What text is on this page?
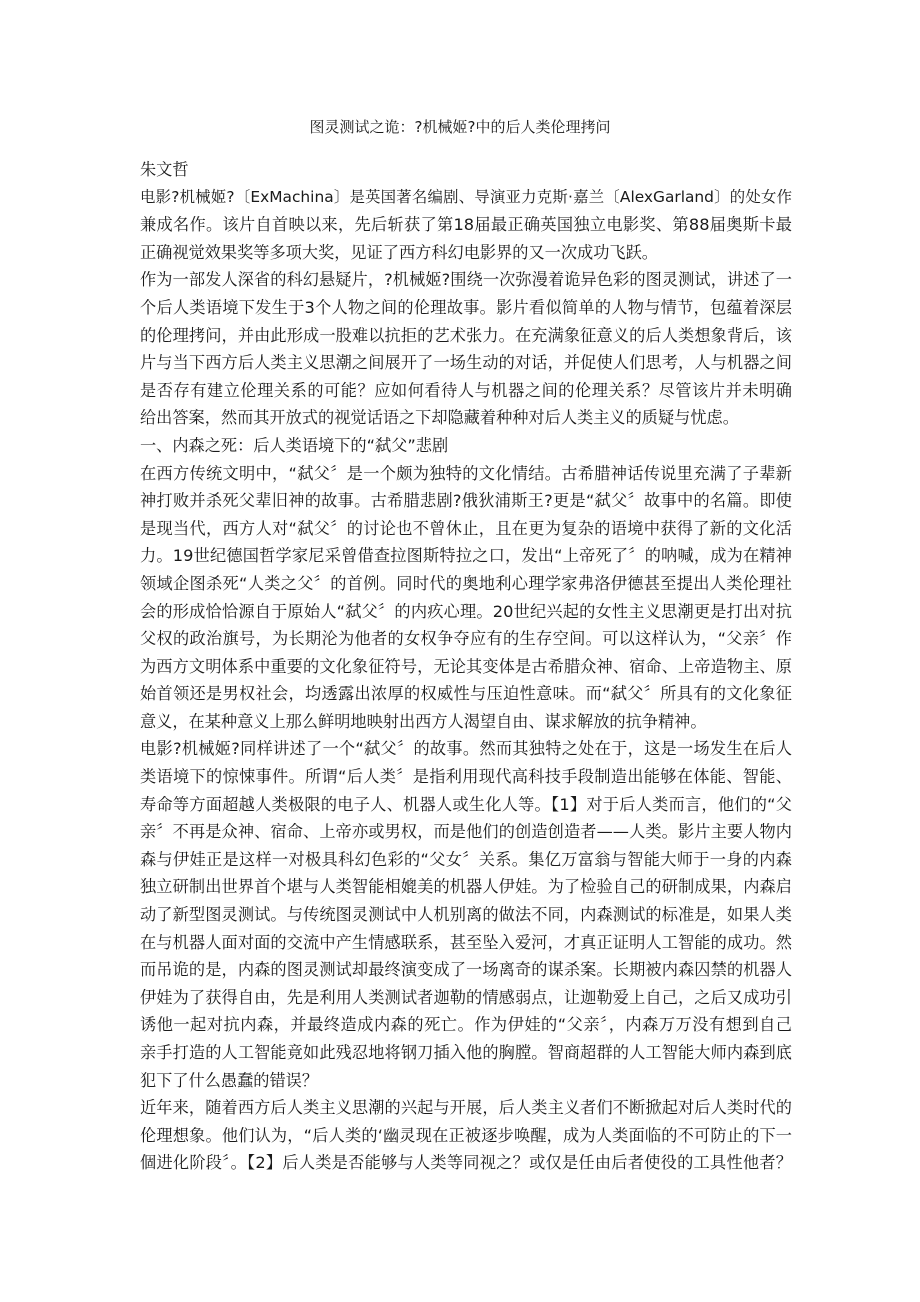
图灵测试之诡：?机械姬?中的后人类伦理拷问
朱文哲
电影?机械姬?〔ExMachina〕是英国著名编剧、导演亚力克斯·嘉兰〔AlexGarland〕的处女作
兼成名作。该片自首映以来，先后斩获了第18届最正确英国独立电影奖、第88届奥斯卡最
正确视觉效果奖等多项大奖，见证了西方科幻电影界的又一次成功飞跃。
作为一部发人深省的科幻悬疑片，?机械姬?围绕一次弥漫着诡异色彩的图灵测试，讲述了一
个后人类语境下发生于3个人物之间的伦理故事。影片看似简单的人物与情节，包蕴着深层
的伦理拷问，并由此形成一股难以抗拒的艺术张力。在充满象征意义的后人类想象背后，该
片与当下西方后人类主义思潮之间展开了一场生动的对话，并促使人们思考，人与机器之间
是否存有建立伦理关系的可能？应如何看待人与机器之间的伦理关系？尽管该片并未明确
给出答案，然而其开放式的视觉话语之下却隐藏着种种对后人类主义的质疑与忧虑。
一、内森之死：后人类语境下的“弑父”悲剧
在西方传统文明中，“弑父〞是一个颇为独特的文化情结。古希腊神话传说里充满了子辈新
神打败并杀死父辈旧神的故事。古希腊悲剧?俄狄浦斯王?更是“弑父〞故事中的名篇。即使
是现当代，西方人对“弑父〞的讨论也不曾休止，且在更为复杂的语境中获得了新的文化活
力。19世纪德国哲学家尼采曾借查拉图斯特拉之口，发出“上帝死了〞的呐喊，成为在精神
领域企图杀死“人类之父〞的首例。同时代的奥地利心理学家弗洛伊德甚至提出人类伦理社
会的形成恰恰源自于原始人“弑父〞的内疚心理。20世纪兴起的女性主义思潮更是打出对抗
父权的政治旗号，为长期沦为他者的女权争夺应有的生存空间。可以这样认为，“父亲〞作
为西方文明体系中重要的文化象征符号，无论其变体是古希腊众神、宿命、上帝造物主、原
始首领还是男权社会，均透露出浓厚的权威性与压迫性意味。而“弑父〞所具有的文化象征
意义，在某种意义上那么鲜明地映射出西方人渴望自由、谋求解放的抗争精神。
电影?机械姬?同样讲述了一个“弑父〞的故事。然而其独特之处在于，这是一场发生在后人
类语境下的惊悚事件。所谓“后人类〞是指利用现代高科技手段制造出能够在体能、智能、
寿命等方面超越人类极限的电子人、机器人或生化人等。【1】对于后人类而言，他们的“父
亲〞不再是众神、宿命、上帝亦或男权，而是他们的创造创造者——人类。影片主要人物内
森与伊娃正是这样一对极具科幻色彩的“父女〞关系。集亿万富翁与智能大师于一身的内森
独立研制出世界首个堪与人类智能相媲美的机器人伊娃。为了检验自己的研制成果，内森启
动了新型图灵测试。与传统图灵测试中人机别离的做法不同，内森测试的标准是，如果人类
在与机器人面对面的交流中产生情感联系，甚至坠入爱河，才真正证明人工智能的成功。然
而吊诡的是，内森的图灵测试却最终演变成了一场离奇的谋杀案。长期被内森囚禁的机器人
伊娃为了获得自由，先是利用人类测试者迦勒的情感弱点，让迦勒爱上自己，之后又成功引
诱他一起对抗内森，并最终造成内森的死亡。作为伊娃的“父亲〞，内森万万没有想到自己
亲手打造的人工智能竟如此残忍地将钢刀插入他的胸膛。智商超群的人工智能大师内森到底
犯下了什么愚蠢的错误？
近年来，随着西方后人类主义思潮的兴起与开展，后人类主义者们不断掀起对后人类时代的
伦理想象。他们认为，“后人类的‘幽灵现在正被逐步唤醒，成为人类面临的不可防止的下一
個进化阶段〞。【2】后人类是否能够与人类等同视之？或仅是任由后者使役的工具性他者？
